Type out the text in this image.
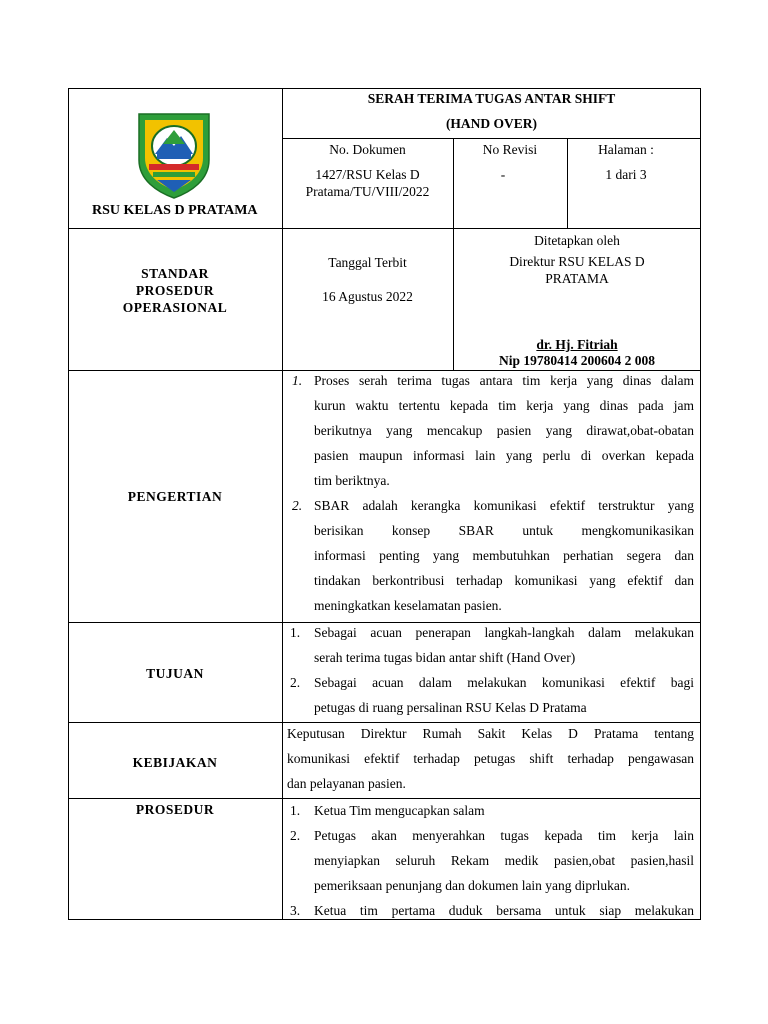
RSU KELAS D PRATAMA
SERAH TERIMA TUGAS ANTAR SHIFT
(HAND OVER)
No. Dokumen
1427/RSU Kelas D
Pratama/TU/VIII/2022
No Revisi
-
Halaman :
1 dari 3
STANDAR
PROSEDUR
OPERASIONAL
Tanggal Terbit
16 Agustus 2022
Ditetapkan oleh
Direktur RSU KELAS D
PRATAMA
dr. Hj. Fitriah
Nip 19780414 200604 2 008
PENGERTIAN
1. Proses serah terima tugas antara tim kerja yang dinas dalam
kurun waktu tertentu kepada tim kerja yang dinas pada jam
berikutnya yang mencakup pasien yang dirawat,obat-obatan
pasien maupun informasi lain yang perlu di overkan kepada
tim beriktnya.
2. SBAR adalah kerangka komunikasi efektif terstruktur yang
berisikan konsep SBAR untuk mengkomunikasikan
informasi penting yang membutuhkan perhatian segera dan
tindakan berkontribusi terhadap komunikasi yang efektif dan
meningkatkan keselamatan pasien.
TUJUAN
1. Sebagai acuan penerapan langkah-langkah dalam melakukan
serah terima tugas bidan antar shift (Hand Over)
2. Sebagai acuan dalam melakukan komunikasi efektif bagi
petugas di ruang persalinan RSU Kelas D Pratama
KEBIJAKAN
Keputusan Direktur Rumah Sakit Kelas D Pratama tentang
komunikasi efektif terhadap petugas shift terhadap pengawasan
dan pelayanan pasien.
PROSEDUR	1. Ketua Tim mengucapkan salam
2. Petugas akan menyerahkan tugas kepada tim kerja lain
menyiapkan seluruh Rekam medik pasien,obat pasien,hasil
pemeriksaan penunjang dan dokumen lain yang diprlukan.
3. Ketua tim pertama duduk bersama untuk siap melakukan
